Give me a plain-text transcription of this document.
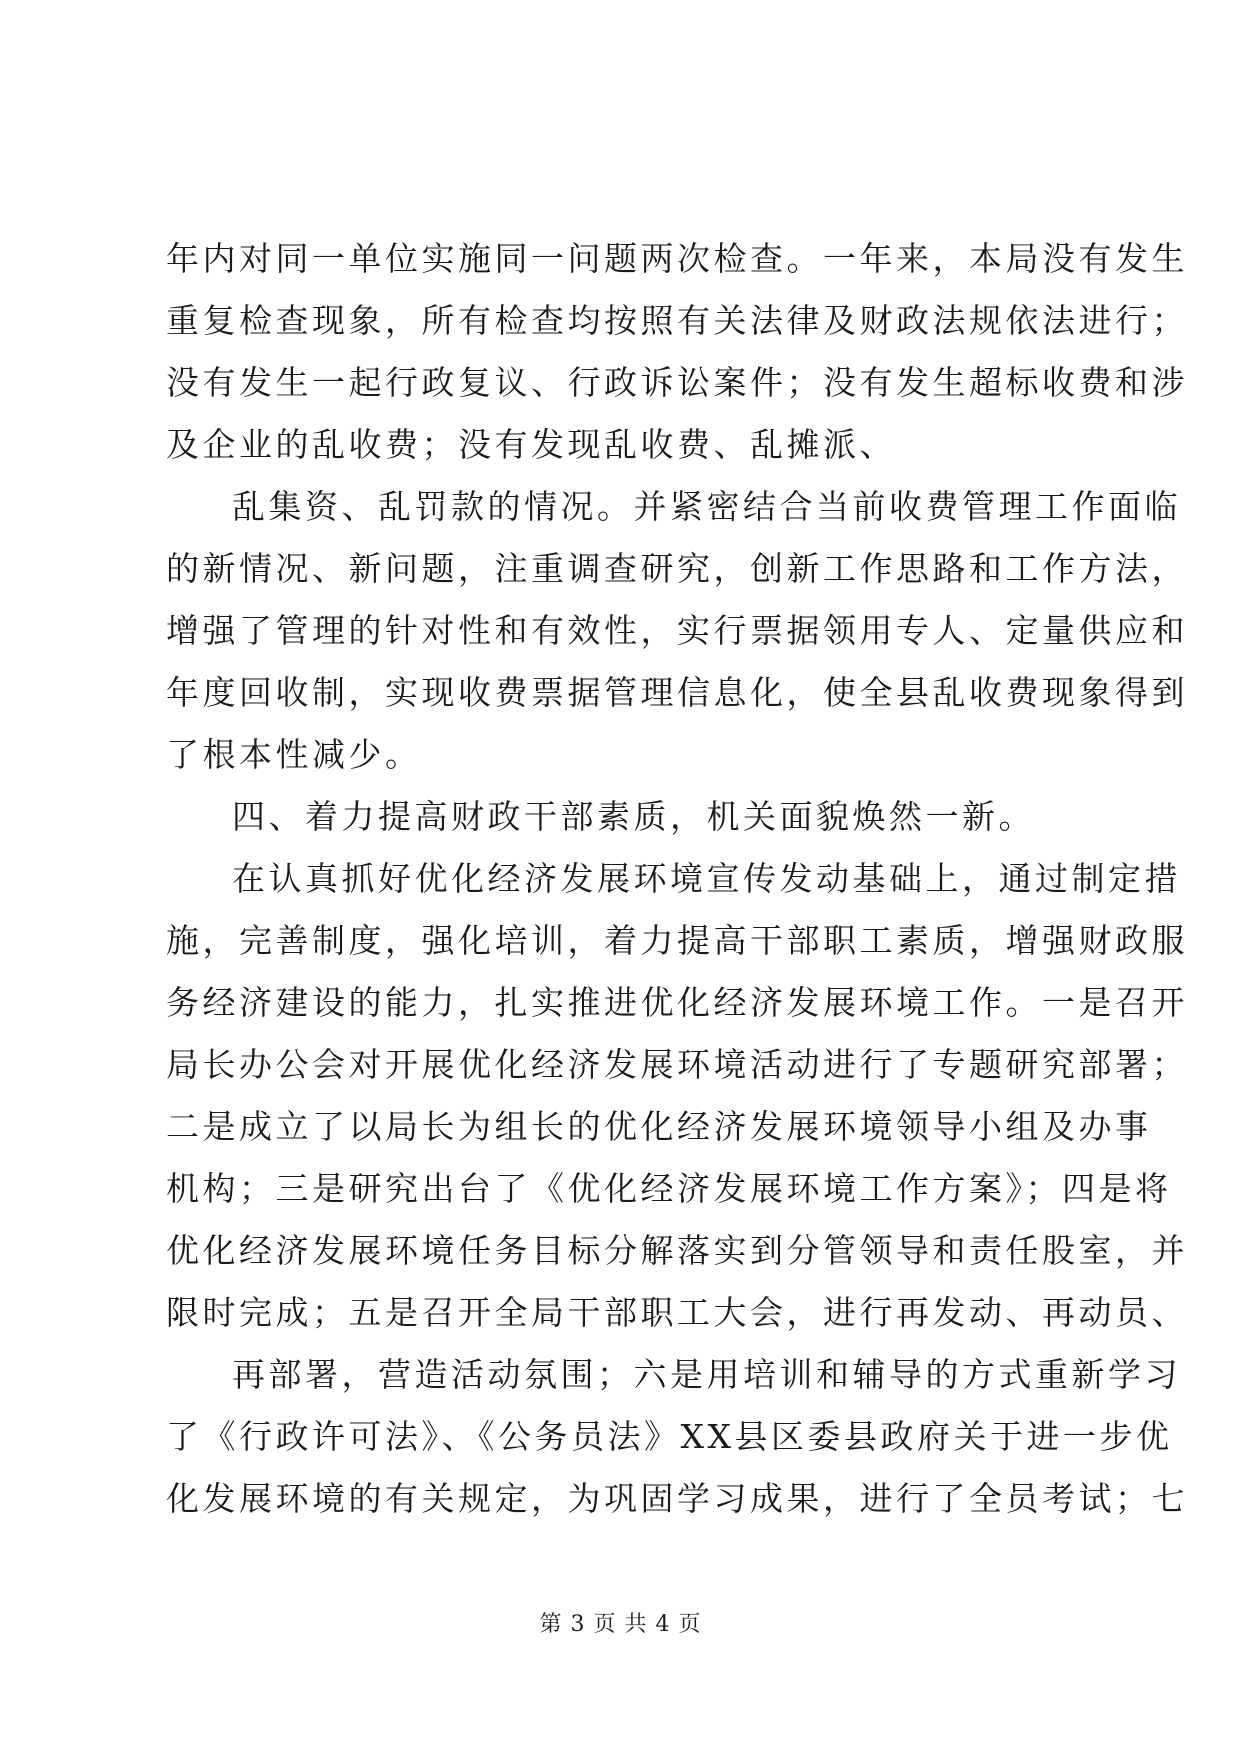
年内对同一单位实施同一问题两次检查。一年来，本局没有发生
重复检查现象，所有检查均按照有关法律及财政法规依法进行；
没有发生一起行政复议、行政诉讼案件；没有发生超标收费和涉
及企业的乱收费；没有发现乱收费、乱摊派、
乱集资、乱罚款的情况。并紧密结合当前收费管理工作面临
的新情况、新问题，注重调查研究，创新工作思路和工作方法，
增强了管理的针对性和有效性，实行票据领用专人、定量供应和
年度回收制，实现收费票据管理信息化，使全县乱收费现象得到
了根本性减少。
四、着力提高财政干部素质，机关面貌焕然一新。
在认真抓好优化经济发展环境宣传发动基础上，通过制定措
施，完善制度，强化培训，着力提高干部职工素质，增强财政服
务经济建设的能力，扎实推进优化经济发展环境工作。一是召开
局长办公会对开展优化经济发展环境活动进行了专题研究部署；
二是成立了以局长为组长的优化经济发展环境领导小组及办事
机构；三是研究出台了《优化经济发展环境工作方案》；四是将
优化经济发展环境任务目标分解落实到分管领导和责任股室，并
限时完成；五是召开全局干部职工大会，进行再发动、再动员、
再部署，营造活动氛围；六是用培训和辅导的方式重新学习
了《行政许可法》、《公务员法》XX县区委县政府关于进一步优
化发展环境的有关规定，为巩固学习成果，进行了全员考试；七
第 3 页 共 4 页
